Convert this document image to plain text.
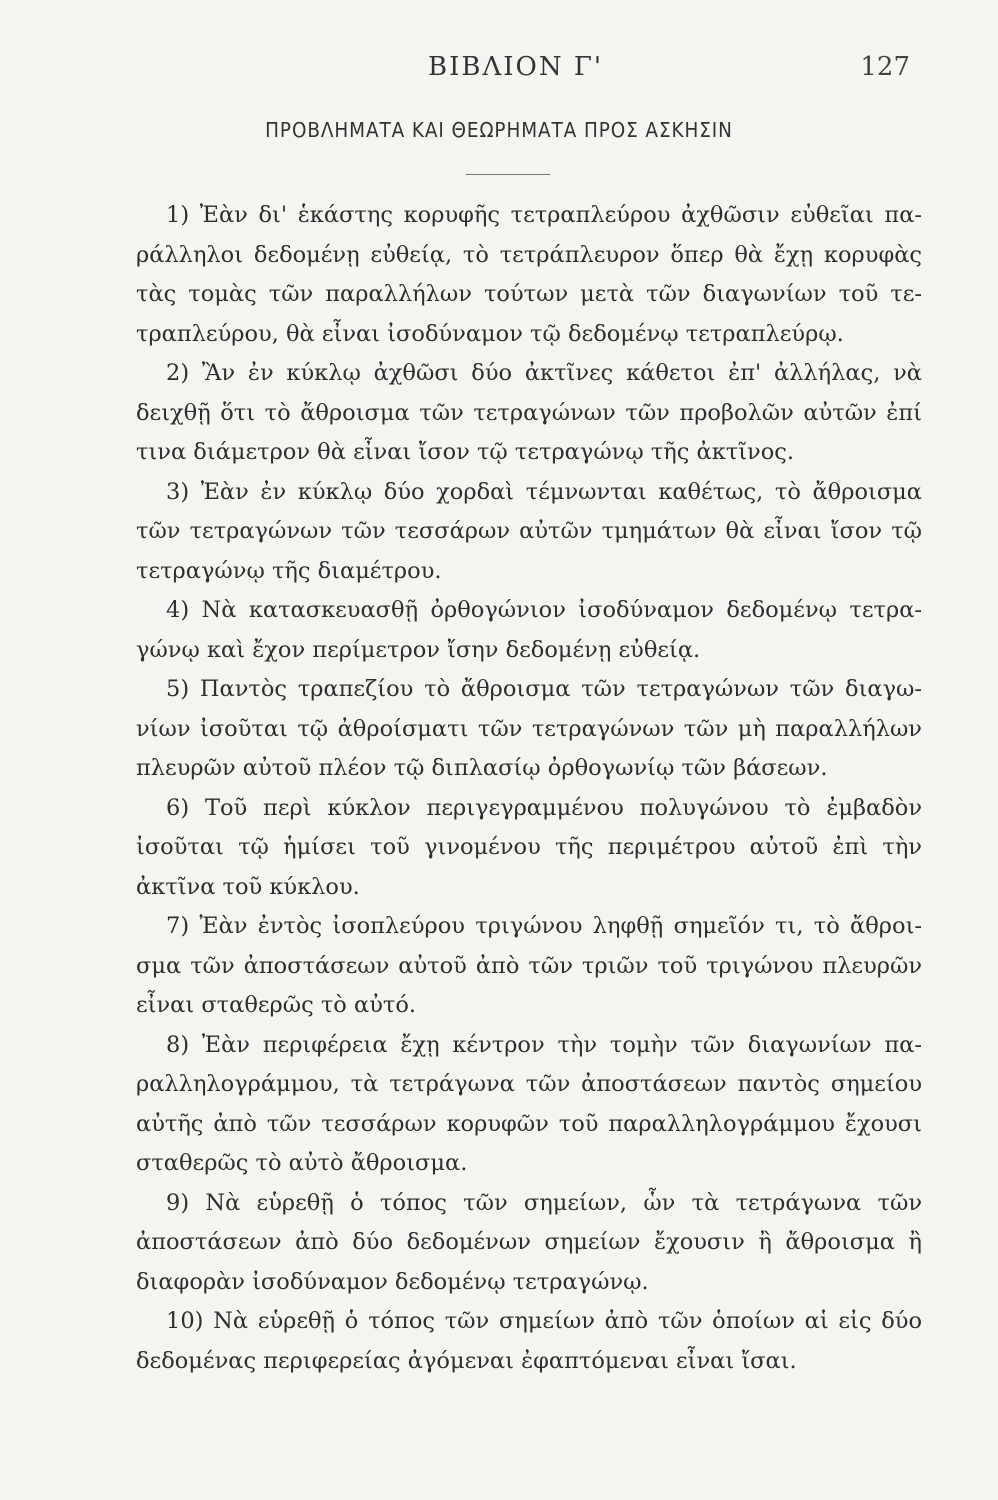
ΒΙΒΛΙΟΝ Γ'	127
ΠΡΟΒΛΗΜΑΤΑ ΚΑΙ ΘΕΩΡΗΜΑΤΑ ΠΡΟΣ ΑΣΚΗΣΙΝ
1) Ἐὰν δι' ἑκάστης κορυφῆς τετραπλεύρου ἀχθῶσιν εὐθεῖαι πα-
ράλληλοι δεδομένῃ εὐθείᾳ, τὸ τετράπλευρον ὅπερ θὰ ἔχῃ κορυφὰς
τὰς τομὰς τῶν παραλλήλων τούτων μετὰ τῶν διαγωνίων τοῦ τε-
τραπλεύρου, θὰ εἶναι ἰσοδύναμον τῷ δεδομένῳ τετραπλεύρῳ.
2) Ἂν ἐν κύκλῳ ἀχθῶσι δύο ἀκτῖνες κάθετοι ἐπ' ἀλλήλας, νὰ
δειχθῇ ὅτι τὸ ἄθροισμα τῶν τετραγώνων τῶν προβολῶν αὐτῶν ἐπί
τινα διάμετρον θὰ εἶναι ἴσον τῷ τετραγώνῳ τῆς ἀκτῖνος.
3) Ἐὰν ἐν κύκλῳ δύο χορδαὶ τέμνωνται καθέτως, τὸ ἄθροισμα
τῶν τετραγώνων τῶν τεσσάρων αὐτῶν τμημάτων θὰ εἶναι ἴσον τῷ
τετραγώνῳ τῆς διαμέτρου.
4) Νὰ κατασκευασθῇ ὀρθογώνιον ἰσοδύναμον δεδομένῳ τετρα-
γώνῳ καὶ ἔχον περίμετρον ἴσην δεδομένῃ εὐθείᾳ.
5) Παντὸς τραπεζίου τὸ ἄθροισμα τῶν τετραγώνων τῶν διαγω-
νίων ἰσοῦται τῷ ἀθροίσματι τῶν τετραγώνων τῶν μὴ παραλλήλων
πλευρῶν αὐτοῦ πλέον τῷ διπλασίῳ ὀρθογωνίῳ τῶν βάσεων.
6) Τοῦ περὶ κύκλον περιγεγραμμένου πολυγώνου τὸ ἐμβαδὸν
ἰσοῦται τῷ ἡμίσει τοῦ γινομένου τῆς περιμέτρου αὐτοῦ ἐπὶ τὴν
ἀκτῖνα τοῦ κύκλου.
7) Ἐὰν ἐντὸς ἰσοπλεύρου τριγώνου ληφθῇ σημεῖόν τι, τὸ ἄθροι-
σμα τῶν ἀποστάσεων αὐτοῦ ἀπὸ τῶν τριῶν τοῦ τριγώνου πλευρῶν
εἶναι σταθερῶς τὸ αὐτό.
8) Ἐὰν περιφέρεια ἔχῃ κέντρον τὴν τομὴν τῶν διαγωνίων πα-
ραλληλογράμμου, τὰ τετράγωνα τῶν ἀποστάσεων παντὸς σημείου
αὐτῆς ἀπὸ τῶν τεσσάρων κορυφῶν τοῦ παραλληλογράμμου ἔχουσι
σταθερῶς τὸ αὐτὸ ἄθροισμα.
9) Νὰ εὑρεθῇ ὁ τόπος τῶν σημείων, ὧν τὰ τετράγωνα τῶν
ἀποστάσεων ἀπὸ δύο δεδομένων σημείων ἔχουσιν ἢ ἄθροισμα ἢ
διαφορὰν ἰσοδύναμον δεδομένῳ τετραγώνῳ.
10) Νὰ εὑρεθῇ ὁ τόπος τῶν σημείων ἀπὸ τῶν ὁποίων αἱ εἰς δύο
δεδομένας περιφερείας ἀγόμεναι ἐφαπτόμεναι εἶναι ἴσαι.
